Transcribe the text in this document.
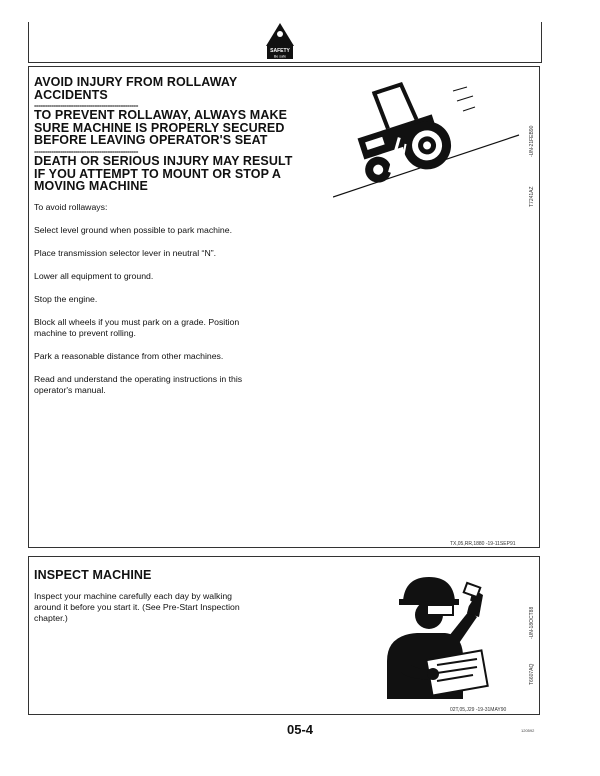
SAFETY
Be safe

AVOID INJURY FROM ROLLAWAY

ACCIDENTS

------------------------------------------------

TO PREVENT ROLLAWAY, ALWAYS MAKE

SURE MACHINE IS PROPERLY SECURED

BEFORE LEAVING OPERATOR'S SEAT

------------------------------------------------

DEATH OR SERIOUS INJURY MAY RESULT

IF YOU ATTEMPT TO MOUNT OR STOP A

MOVING MACHINE

To avoid rollaways:

Select level ground when possible to park machine.

Place transmission selector lever in neutral “N”.

Lower all equipment to ground.

Stop the engine.

Block all wheels if you must park on a grade. Position

machine to prevent rolling.

Park a reasonable distance from other machines.

Read and understand the operating instructions in this

operator's manual.

-UN-21FEB90
T7241AZ
TX,05,RR,1880 -19-11SEP91

INSPECT MACHINE

Inspect your machine carefully each day by walking

around it before you start it. (See Pre-Start Inspection

chapter.)	-UN-18OCT88
T6607AQ
02T,05,J29 -19-31MAY90
05-4	120592
